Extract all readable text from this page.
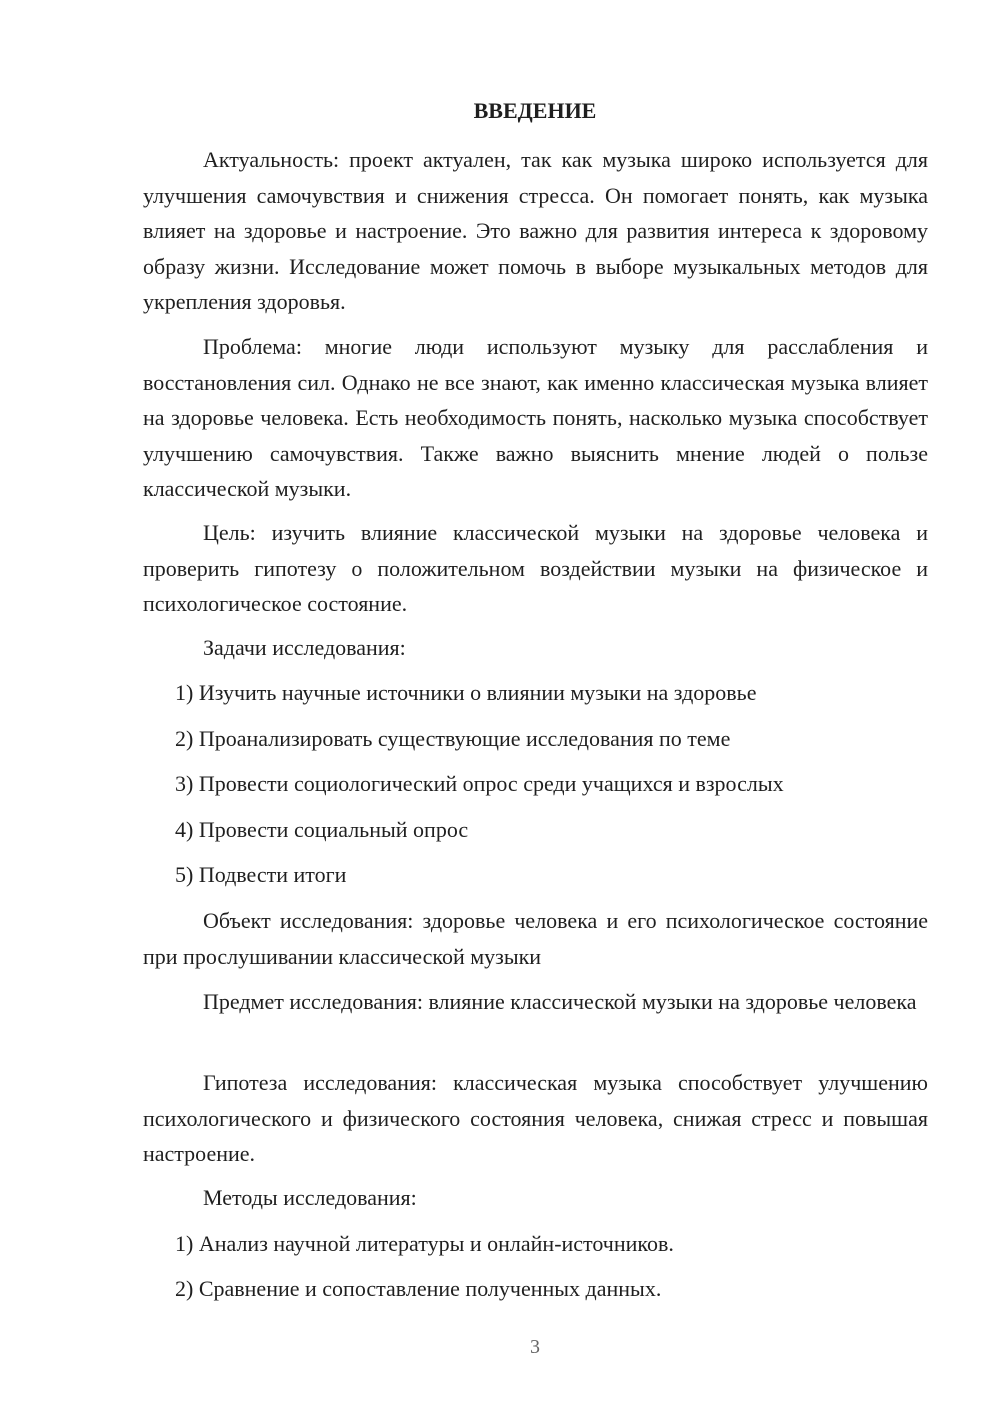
ВВЕДЕНИЕ

Актуальность: проект актуален, так как музыка широко используется для улучшения самочувствия и снижения стресса. Он помогает понять, как музыка влияет на здоровье и настроение. Это важно для развития интереса к здоровому образу жизни. Исследование может помочь в выборе музыкальных методов для укрепления здоровья.

Проблема: многие люди используют музыку для расслабления и восстановления сил. Однако не все знают, как именно классическая музыка влияет на здоровье человека. Есть необходимость понять, насколько музыка способствует улучшению самочувствия. Также важно выяснить мнение людей о пользе классической музыки.

Цель: изучить влияние классической музыки на здоровье человека и проверить гипотезу о положительном воздействии музыки на физическое и психологическое состояние.

Задачи исследования:
1) Изучить научные источники о влиянии музыки на здоровье
2) Проанализировать существующие исследования по теме
3) Провести социологический опрос среди учащихся и взрослых
4) Провести социальный опрос
5) Подвести итоги

Объект исследования: здоровье человека и его психологическое состояние при прослушивании классической музыки

Предмет исследования: влияние классической музыки на здоровье человека

Гипотеза исследования: классическая музыка способствует улучшению психологического и физического состояния человека, снижая стресс и повышая настроение.

Методы исследования:
1) Анализ научной литературы и онлайн-источников.
2) Сравнение и сопоставление полученных данных.
3
